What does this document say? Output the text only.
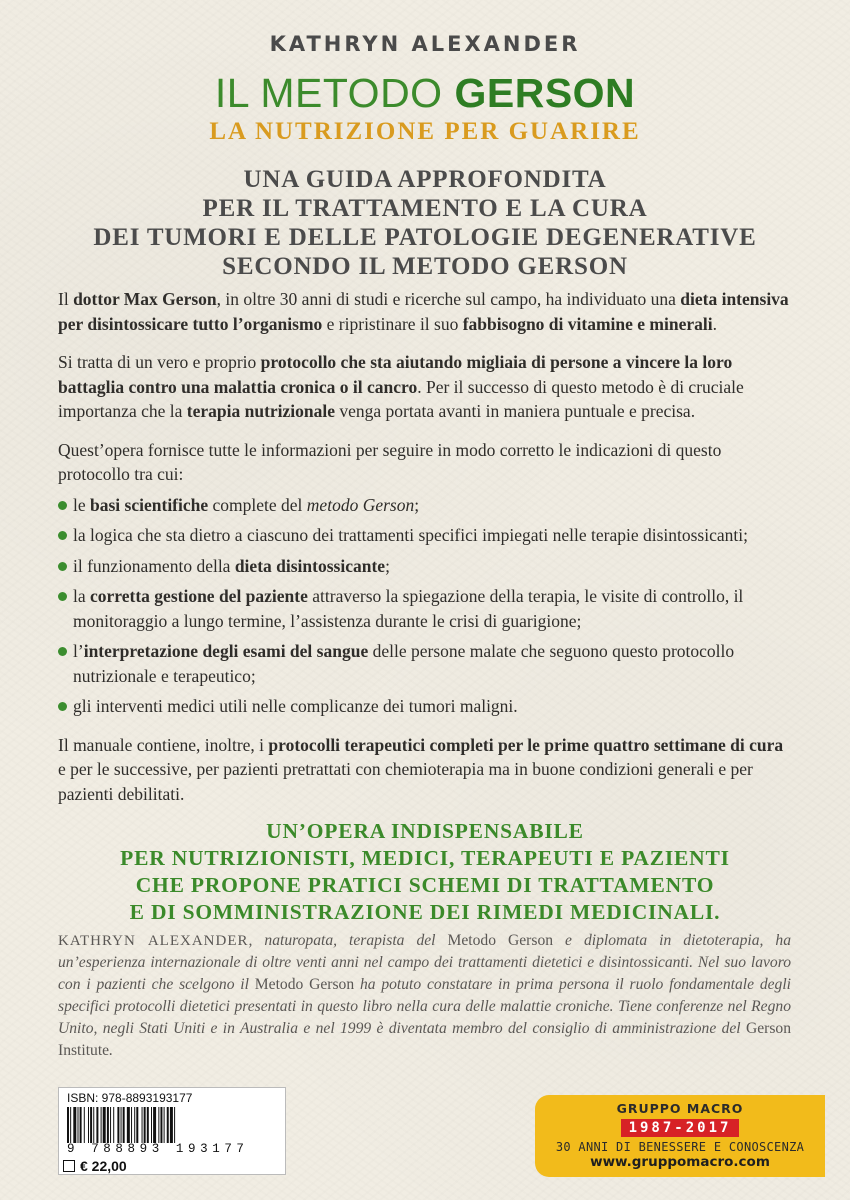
KATHRYN ALEXANDER
IL METODO GERSON
LA NUTRIZIONE PER GUARIRE
UNA GUIDA APPROFONDITA
PER IL TRATTAMENTO E LA CURA
DEI TUMORI E DELLE PATOLOGIE DEGENERATIVE
SECONDO IL METODO GERSON

Il dottor Max Gerson, in oltre 30 anni di studi e ricerche sul campo, ha individuato una dieta intensiva per disintossicare tutto l’organismo e ripristinare il suo fabbisogno di vitamine e minerali.

Si tratta di un vero e proprio protocollo che sta aiutando migliaia di persone a vincere la loro battaglia contro una malattia cronica o il cancro. Per il successo di questo metodo è di cruciale importanza che la terapia nutrizionale venga portata avanti in maniera puntuale e precisa.

Quest’opera fornisce tutte le informazioni per seguire in modo corretto le indicazioni di questo protocollo tra cui:

le basi scientifiche complete del metodo Gerson;
la logica che sta dietro a ciascuno dei trattamenti specifici impiegati nelle terapie disintossicanti;
il funzionamento della dieta disintossicante;
la corretta gestione del paziente attraverso la spiegazione della terapia, le visite di controllo, il monitoraggio a lungo termine, l’assistenza durante le crisi di guarigione;
l’interpretazione degli esami del sangue delle persone malate che seguono questo protocollo nutrizionale e terapeutico;
gli interventi medici utili nelle complicanze dei tumori maligni.

Il manuale contiene, inoltre, i protocolli terapeutici completi per le prime quattro settimane di cura e per le successive, per pazienti pretrattati con chemioterapia ma in buone condizioni generali e per pazienti debilitati.

UN’OPERA INDISPENSABILE
PER NUTRIZIONISTI, MEDICI, TERAPEUTI E PAZIENTI
CHE PROPONE PRATICI SCHEMI DI TRATTAMENTO
E DI SOMMINISTRAZIONE DEI RIMEDI MEDICINALI.
KATHRYN ALEXANDER, naturopata, terapista del Metodo Gerson e diplomata in dietoterapia, ha un’esperienza internazionale di oltre venti anni nel campo dei trattamenti dietetici e disintossicanti. Nel suo lavoro con i pazienti che scelgono il Metodo Gerson ha potuto constatare in prima persona il ruolo fondamentale degli specifici protocolli dietetici presentati in questo libro nella cura delle malattie croniche. Tiene conferenze nel Regno Unito, negli Stati Uniti e in Australia e nel 1999 è diventata membro del consiglio di amministrazione del Gerson Institute.
ISBN: 978-8893193177
9 788893 193177
€ 22,00
GRUPPO MACRO
1987-2017
30 ANNI DI BENESSERE E CONOSCENZA
www.gruppomacro.com
